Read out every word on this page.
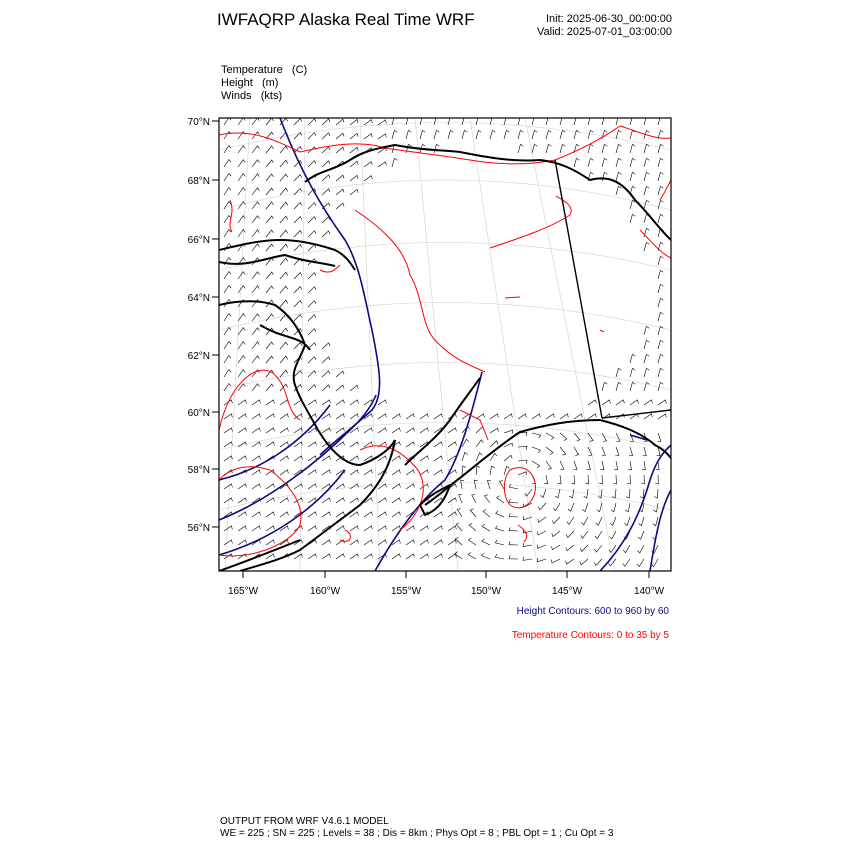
IWFAQRP Alaska Real Time WRF	Init: 2025-06-30_00:00:00
Valid: 2025-07-01_03:00:00
Temperature   (C)
Height   (m)
Winds   (kts)
70°N
68°N
66°N
64°N
62°N
60°N
58°N
56°N
165°W	160°W	155°W	150°W	145°W	140°W
Height Contours: 600 to 960 by 60
Temperature Contours: 0 to 35 by 5
OUTPUT FROM WRF V4.6.1 MODEL
WE = 225 ; SN = 225 ; Levels = 38 ; Dis = 8km ; Phys Opt = 8 ; PBL Opt = 1 ; Cu Opt = 3
